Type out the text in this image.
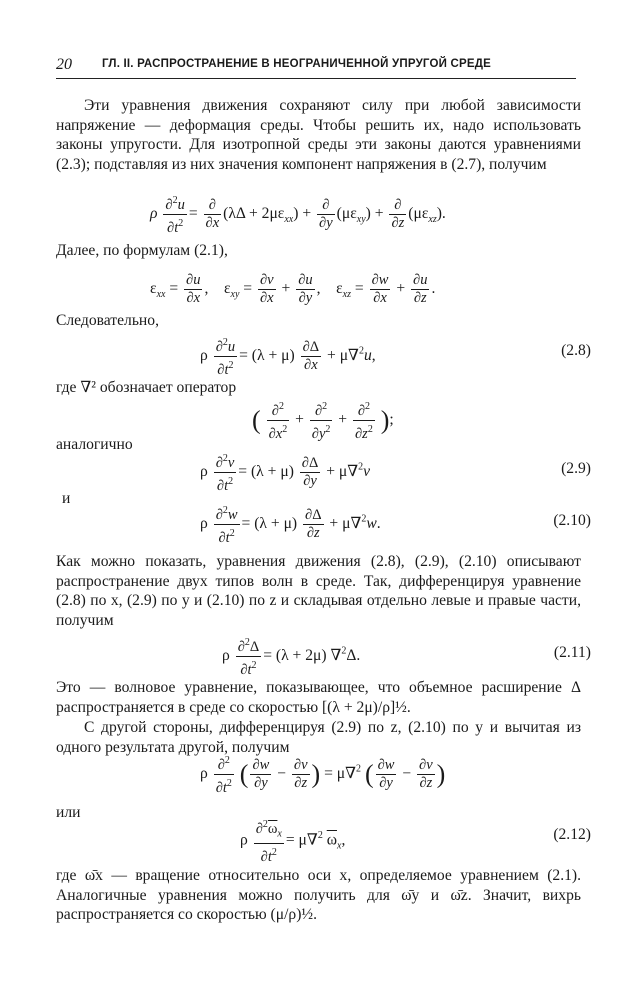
20	ГЛ. II. РАСПРОСТРАНЕНИЕ В НЕОГРАНИЧЕННОЙ УПРУГОЙ СРЕДЕ

Эти уравнения движения сохраняют силу при любой зависимости напряжение — деформация среды. Чтобы решить их, надо использовать законы упругости. Для изотропной среды эти законы даются уравнениями (2.3); подставляя из них значения компонент напряжения в (2.7), получим

ρ $\frac{\partial^2u}{\partial t^2} = \frac{\partial}{\partial x} (\lambda\Delta + 2\mu\varepsilon_{xx}) + \frac{\partial}{\partial y} (\mu\varepsilon_{xy}) + \frac{\partial}{\partial z} (\mu\varepsilon_{xz})$.
Далее, по формулам (2.1),
$\varepsilon_{xx} = \frac{\partial u}{\partial x}$ ,    $\varepsilon_{xy} = \frac{\partial v}{\partial x} + \frac{\partial u}{\partial y}$ ,    $\varepsilon_{xz} = \frac{\partial w}{\partial x} + \frac{\partial u}{\partial z}$ .
Следовательно,
ρ $\frac{\partial^2u}{\partial t^2} = (\lambda + \mu) \frac{\partial\Delta}{\partial x} + \mu\nabla^2u$,	(2.8)
где ∇² обозначает оператор
( $\frac{\partial^2}{\partial x^2} + \frac{\partial^2}{\partial y^2} + \frac{\partial^2}{\partial z^2}$ );
аналогично
ρ $\frac{\partial^2v}{\partial t^2} = (\lambda + \mu) \frac{\partial\Delta}{\partial y} + \mu\nabla^2v$	(2.9)
и
ρ $\frac{\partial^2w}{\partial t^2} = (\lambda + \mu) \frac{\partial\Delta}{\partial z} + \mu\nabla^2w$.	(2.10)

Как можно показать, уравнения движения (2.8), (2.9), (2.10) описывают распространение двух типов волн в среде. Так, дифференцируя уравнение (2.8) по x, (2.9) по y и (2.10) по z и складывая отдельно левые и правые части, получим

ρ $\frac{\partial^2\Delta}{\partial t^2} = (\lambda + 2\mu)$ ∇$^2$Δ.	(2.11)

Это — волновое уравнение, показывающее, что объемное расширение Δ распространяется в среде со скоростью [(λ + 2μ)/ρ]½.

С другой стороны, дифференцируя (2.9) по z, (2.10) по y и вычитая из одного результата другой, получим

ρ $\frac{\partial^2}{\partial t^2}$ ( $\frac{\partial w}{\partial y} - \frac{\partial v}{\partial z}$ ) = μ∇$^2$ ( $\frac{\partial w}{\partial y} - \frac{\partial v}{\partial z}$ )
или
ρ $\frac{\partial^2\overline{\omega}_x}{\partial t^2} = \mu\nabla^2$ $\overline{\omega}_x$,	(2.12)

где ω̄x — вращение относительно оси x, определяемое уравнением (2.1). Аналогичные уравнения можно получить для ω̄y и ω̄z. Значит, вихрь распространяется со скоростью (μ/ρ)½.
